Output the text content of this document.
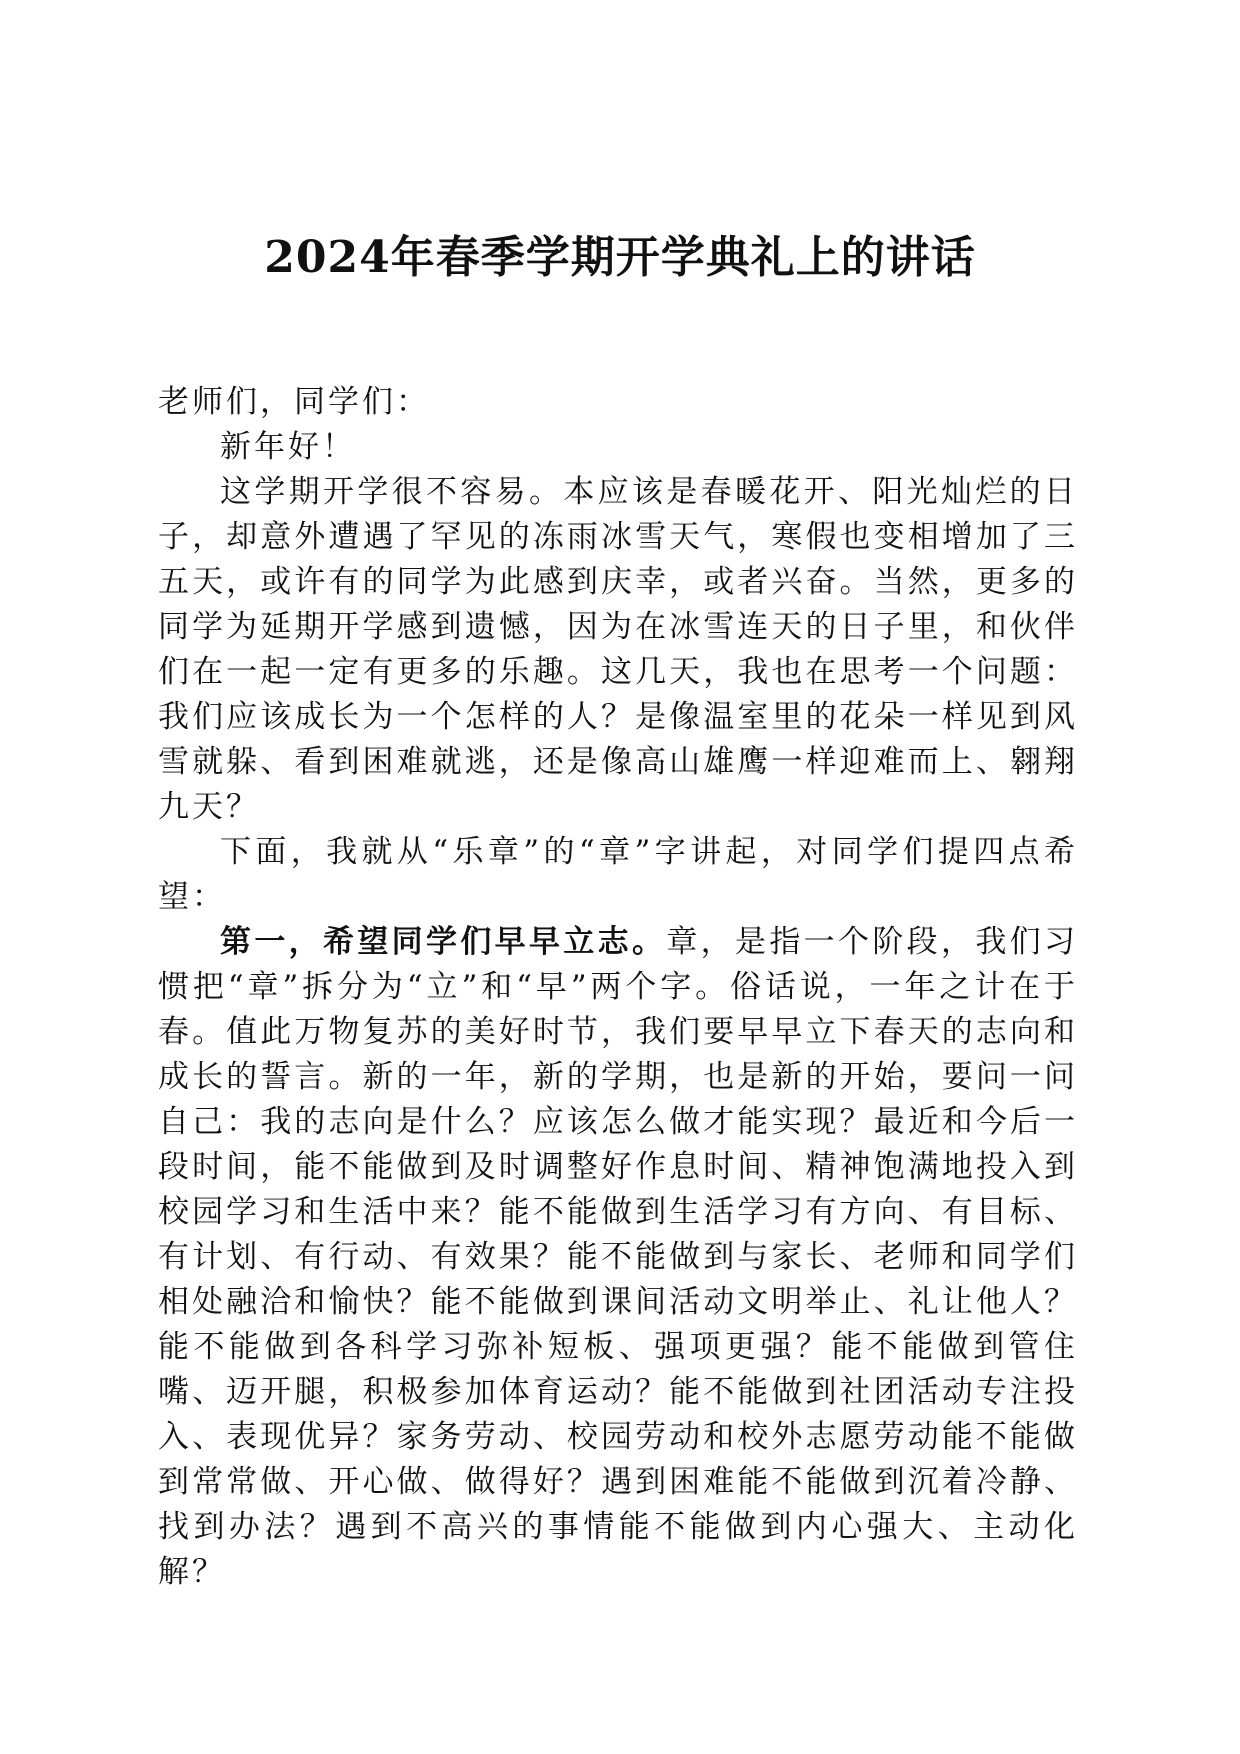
2024年春季学期开学典礼上的讲话

老师们，同学们：

新年好！

这学期开学很不容易。本应该是春暖花开、阳光灿烂的日子，却意外遭遇了罕见的冻雨冰雪天气，寒假也变相增加了三五天，或许有的同学为此感到庆幸，或者兴奋。当然，更多的同学为延期开学感到遗憾，因为在冰雪连天的日子里，和伙伴们在一起一定有更多的乐趣。这几天，我也在思考一个问题：我们应该成长为一个怎样的人？是像温室里的花朵一样见到风雪就躲、看到困难就逃，还是像高山雄鹰一样迎难而上、翱翔九天？

下面，我就从“乐章”的“章”字讲起，对同学们提四点希望：

第一，希望同学们早早立志。章，是指一个阶段，我们习惯把“章”拆分为“立”和“早”两个字。俗话说，一年之计在于春。值此万物复苏的美好时节，我们要早早立下春天的志向和成长的誓言。新的一年，新的学期，也是新的开始，要问一问自己：我的志向是什么？应该怎么做才能实现？最近和今后一段时间，能不能做到及时调整好作息时间、精神饱满地投入到校园学习和生活中来？能不能做到生活学习有方向、有目标、有计划、有行动、有效果？能不能做到与家长、老师和同学们相处融洽和愉快？能不能做到课间活动文明举止、礼让他人？能不能做到各科学习弥补短板、强项更强？能不能做到管住嘴、迈开腿，积极参加体育运动？能不能做到社团活动专注投入、表现优异？家务劳动、校园劳动和校外志愿劳动能不能做到常常做、开心做、做得好？遇到困难能不能做到沉着冷静、找到办法？遇到不高兴的事情能不能做到内心强大、主动化解？
